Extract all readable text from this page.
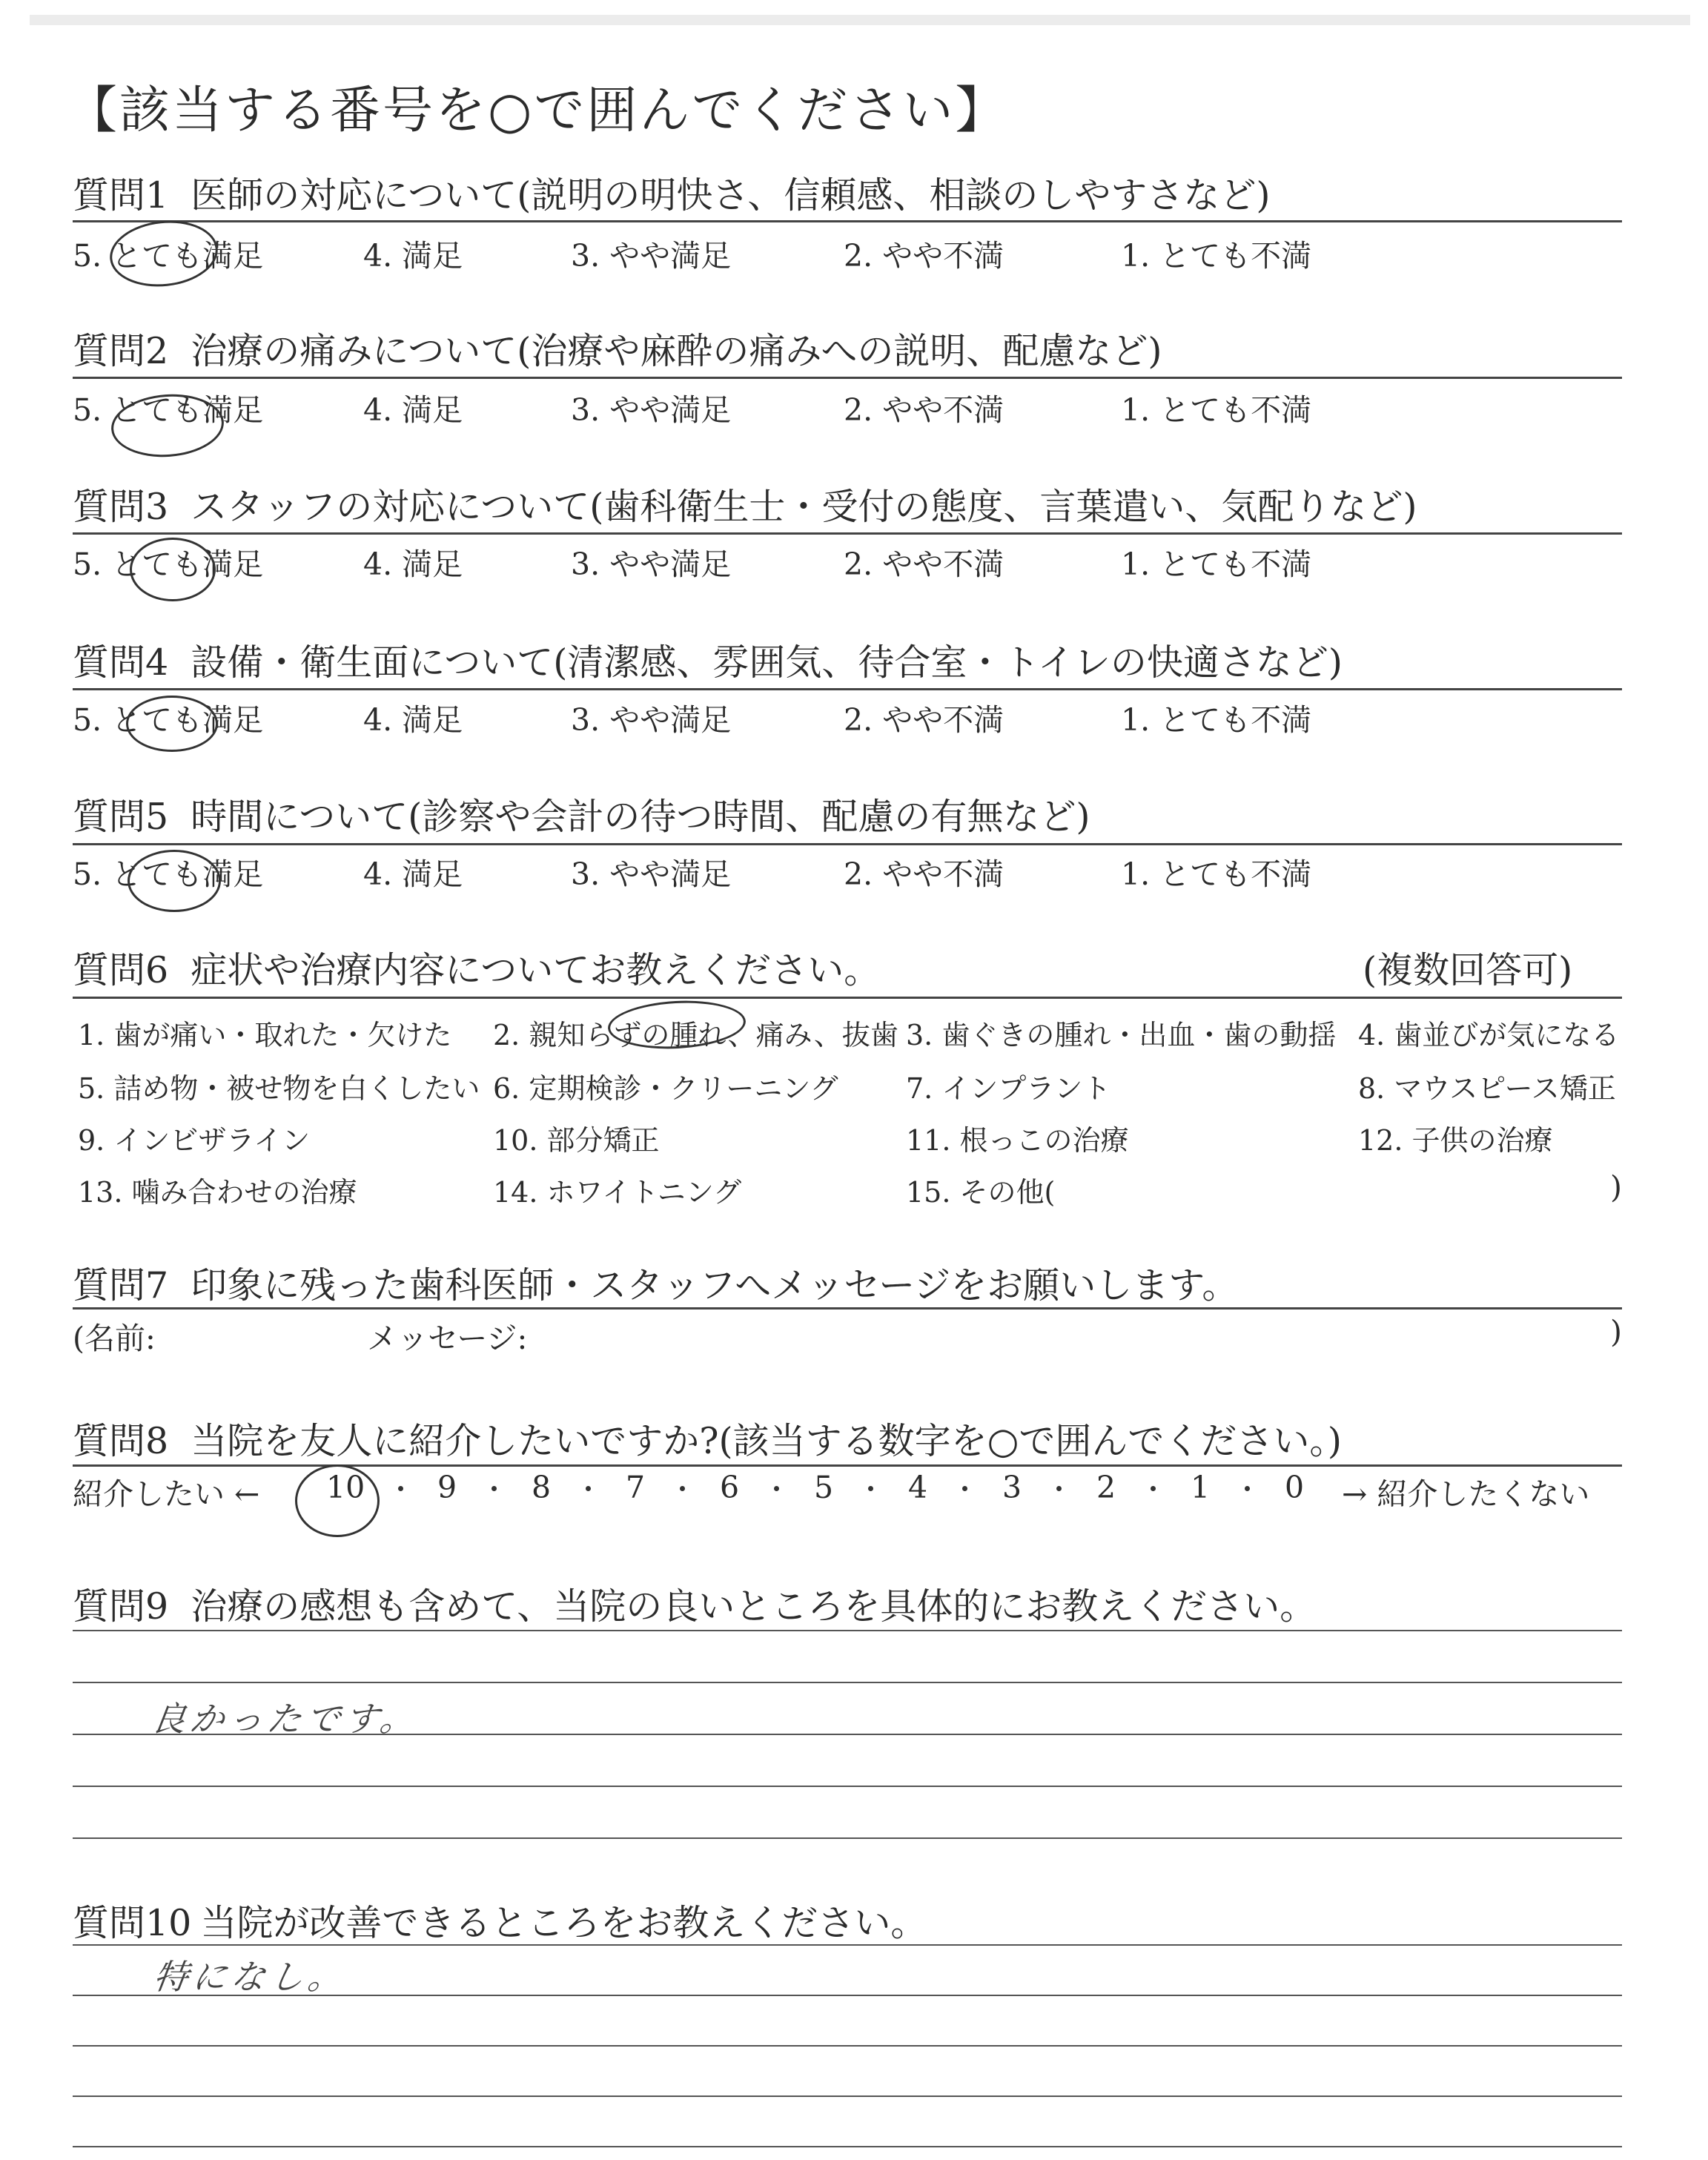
【該当する番号を○で囲んでください】
質問1 医師の対応について(説明の明快さ、信頼感、相談のしやすさなど)
5. とても満足	4. 満足	3. やや満足	2. やや不満	1. とても不満
質問2 治療の痛みについて(治療や麻酔の痛みへの説明、配慮など)
5. とても満足	4. 満足	3. やや満足	2. やや不満	1. とても不満
質問3 スタッフの対応について(歯科衛生士・受付の態度、言葉遣い、気配りなど)
5. とても満足	4. 満足	3. やや満足	2. やや不満	1. とても不満
質問4 設備・衛生面について(清潔感、雰囲気、待合室・トイレの快適さなど)
5. とても満足	4. 満足	3. やや満足	2. やや不満	1. とても不満
質問5 時間について(診察や会計の待つ時間、配慮の有無など)
5. とても満足	4. 満足	3. やや満足	2. やや不満	1. とても不満
質問6 症状や治療内容についてお教えください。	(複数回答可)
1. 歯が痛い・取れた・欠けた 2. 親知らずの腫れ、痛み、抜歯 3. 歯ぐきの腫れ・出血・歯の動揺 4. 歯並びが気になる
5. 詰め物・被せ物を白くしたい 6. 定期検診・クリーニング 7. インプラント	8. マウスピース矯正
9. インビザライン	10. 部分矯正	11. 根っこの治療	12. 子供の治療
13. 噛み合わせの治療	14. ホワイトニング	15. その他(	)
質問7 印象に残った歯科医師・スタッフへメッセージをお願いします。
(名前:	メッセージ:	)
質問8 当院を友人に紹介したいですか?(該当する数字を○で囲んでください。)
紹介したい ← 10 9 8 7 6 5 4 3 2 1 0 → 紹介したくない
質問9 治療の感想も含めて、当院の良いところを具体的にお教えください。
良かったです。
質問10 当院が改善できるところをお教えください。
特になし。
